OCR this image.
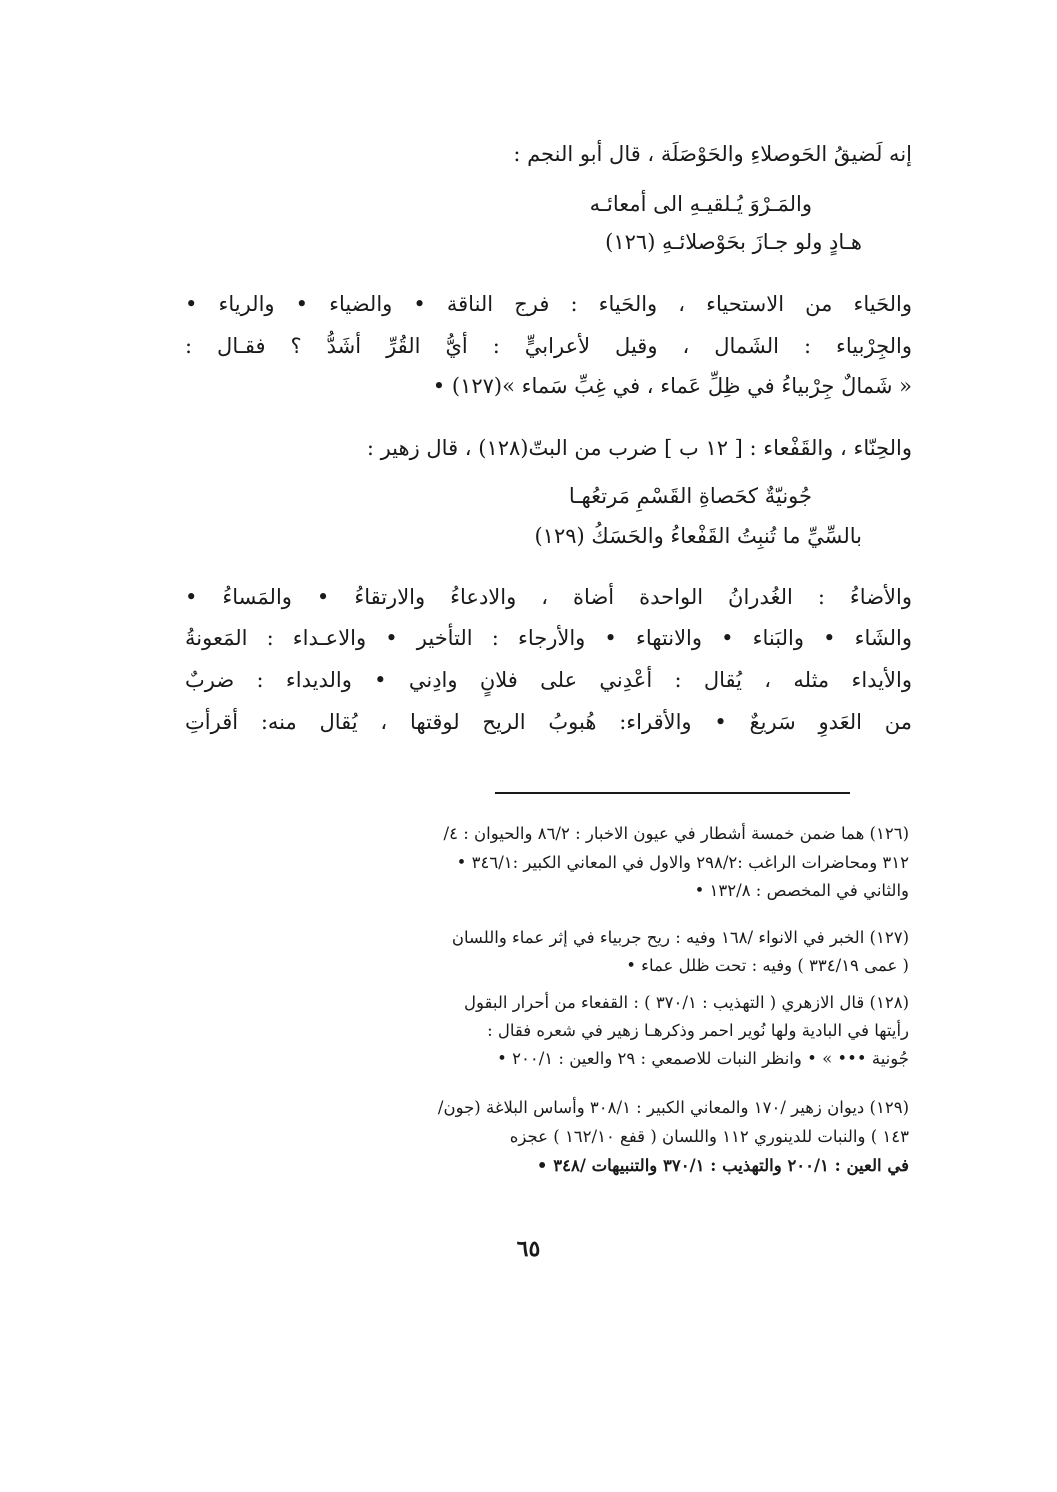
إنه لَضيقُ الحَوصلاءِ والحَوْصَلَة ، قال أبو النجم :
والمَـرْوَ يُـلقيـهِ الى أمعائـه
هـادٍ ولو جـازَ بحَوْصلائـهِ (١٢٦)
والحَياء من الاستحياء ، والحَياء : فرج الناقة • والضياء • والرياء •
والجِرْبياء : الشَمال ، وقيل لأعرابيٍّ : أيُّ القُرِّ أشَدُّ ؟ فقـال :
« شَمالٌ جِرْبياءُ في ظِلِّ عَماء ، في غِبِّ سَماء »(١٢٧) •
والحِنّاء ، والقَفْعاء : [ ١٢ ب ] ضرب من البتّ(١٢٨) ، قال زهير :
جُونيّةٌ كحَصاةِ القَسْمِ مَرتعُهـا
بالسِّيِّ ما تُنبِتُ القَفْعاءُ والحَسَكُ (١٢٩)
والأضاءُ : الغُدرانُ الواحدة أضاة ، والادعاءُ والارتقاءُ • والمَساءُ •
والشَاء • والبَناء • والانتهاء • والأرجاء : التأخير • والاعـداء : المَعونةُ
والأيداء مثله ، يُقال : أعْدِني على فلانٍ وادِني • والديداء : ضربٌ
من العَدوِ سَريعٌ • والأقراء: هُبوبُ الريح لوقتها ، يُقال منه: أقرأتِ
(١٢٦) هما ضمن خمسة أشطار في عيون الاخبار : ٨٦/٢ والحيوان : ٤/
٣١٢ ومحاضرات الراغب :٢٩٨/٢ والاول في المعاني الكبير :٣٤٦/١ •
والثاني في المخصص : ١٣٢/٨ •
(١٢٧) الخبر في الانواء /١٦٨ وفيه : ريح جربياء في إثر عماء واللسان
( عمى ٣٣٤/١٩ ) وفيه : تحت ظلل عماء •
(١٢٨) قال الازهري ( التهذيب : ٣٧٠/١ ) : القفعاء من أحرار البقول
رأيتها في البادية ولها نُوير احمر وذكرهـا زهير في شعره فقال :
جُونية ••• » • وانظر النبات للاصمعي : ٢٩ والعين : ٢٠٠/١ •
(١٢٩) ديوان زهير /١٧٠ والمعاني الكبير : ٣٠٨/١ وأساس البلاغة (جون/
١٤٣ ) والنبات للدينوري ١١٢ واللسان ( قفع ١٦٢/١٠ ) عجزه
في العين : ٢٠٠/١ والتهذيب : ٣٧٠/١ والتنبيهات /٣٤٨ •
٦٥
